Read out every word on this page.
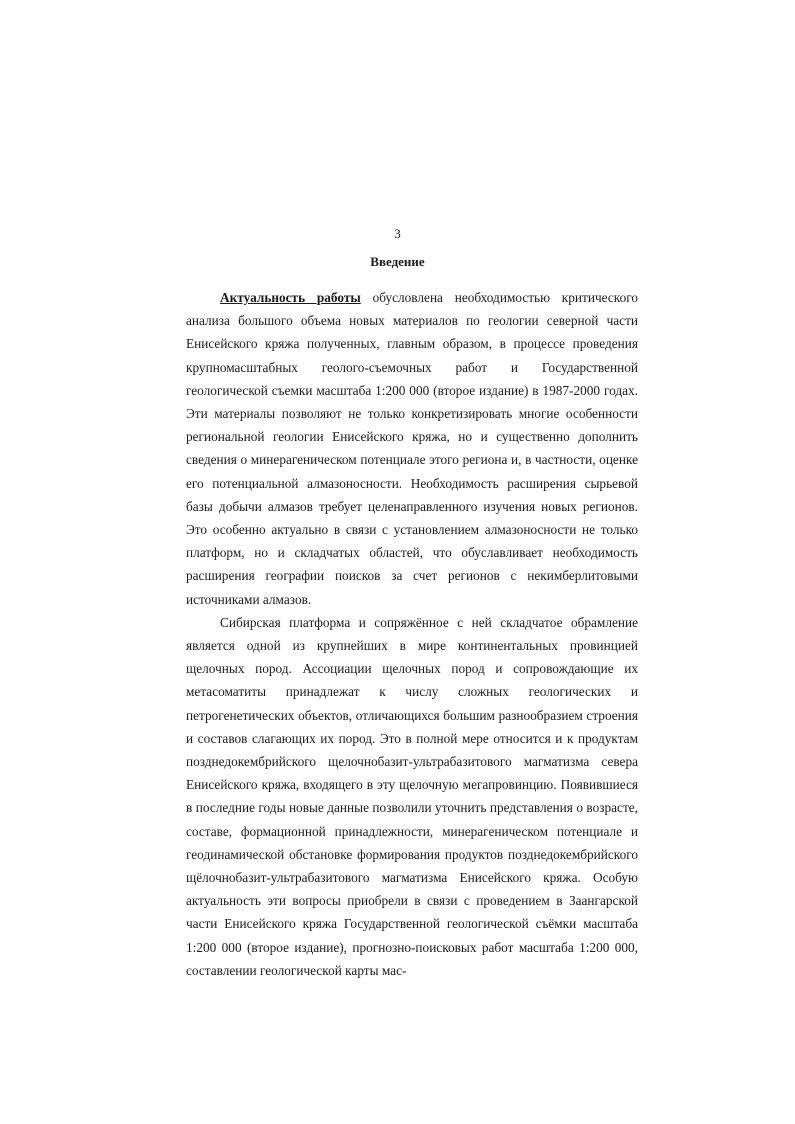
3
Введение

Актуальность работы обусловлена необходимостью критического анализа большого объема новых материалов по геологии северной части Енисейского кряжа полученных, главным образом, в процессе проведения крупномасштабных геолого-съемочных работ и Государственной геологической съемки масштаба 1:200 000 (второе издание) в 1987-2000 годах. Эти материалы позволяют не только конкретизировать многие особенности региональной геологии Енисейского кряжа, но и существенно дополнить сведения о минерагеническом потенциале этого региона и, в частности, оценке его потенциальной алмазоносности. Необходимость расширения сырьевой базы добычи алмазов требует целенаправленного изучения новых регионов. Это особенно актуально в связи с установлением алмазоносности не только платформ, но и складчатых областей, что обуславливает необходимость расширения географии поисков за счет регионов с некимберлитовыми источниками алмазов.

Сибирская платформа и сопряжённое с ней складчатое обрамление является одной из крупнейших в мире континентальных провинцией щелочных пород. Ассоциации щелочных пород и сопровождающие их метасоматиты принадлежат к числу сложных геологических и петрогенетических объектов, отличающихся большим разнообразием строения и составов слагающих их пород. Это в полной мере относится и к продуктам позднедокембрийского щелочнобазит-ультрабазитового магматизма севера Енисейского кряжа, входящего в эту щелочную мегапровинцию. Появившиеся в последние годы новые данные позволили уточнить представления о возрасте, составе, формационной принадлежности, минерагеническом потенциале и геодинамической обстановке формирования продуктов позднедокембрийского щёлочнобазит-ультрабазитового магматизма Енисейского кряжа. Особую актуальность эти вопросы приобрели в связи с проведением в Заангарской части Енисейского кряжа Государственной геологической съёмки масштаба 1:200 000 (второе издание), прогнозно-поисковых работ масштаба 1:200 000, составлении геологической карты мас-
